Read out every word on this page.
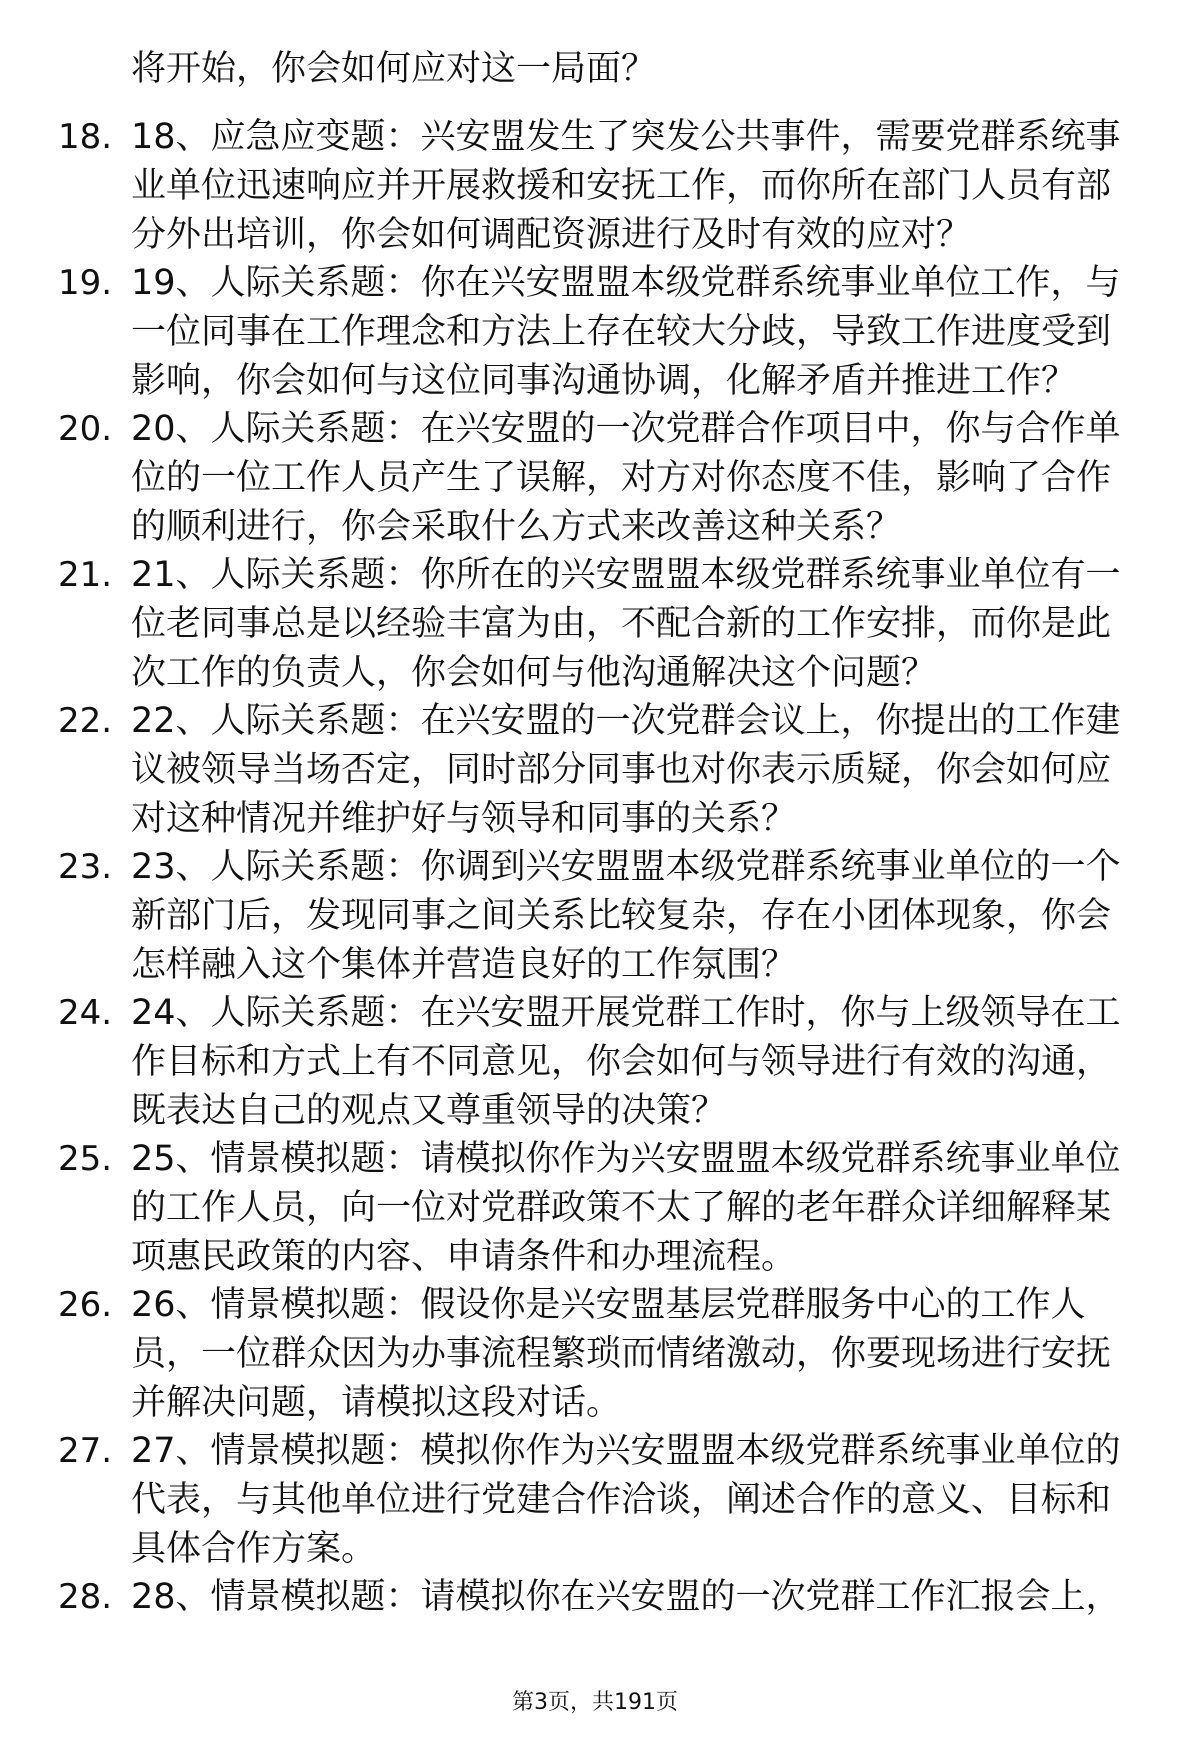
将开始，你会如何应对这一局面？
18. 18、应急应变题：兴安盟发生了突发公共事件，需要党群系统事
业单位迅速响应并开展救援和安抚工作，而你所在部门人员有部
分外出培训，你会如何调配资源进行及时有效的应对？
19. 19、人际关系题：你在兴安盟盟本级党群系统事业单位工作，与
一位同事在工作理念和方法上存在较大分歧，导致工作进度受到
影响，你会如何与这位同事沟通协调，化解矛盾并推进工作？
20. 20、人际关系题：在兴安盟的一次党群合作项目中，你与合作单
位的一位工作人员产生了误解，对方对你态度不佳，影响了合作
的顺利进行，你会采取什么方式来改善这种关系？
21. 21、人际关系题：你所在的兴安盟盟本级党群系统事业单位有一
位老同事总是以经验丰富为由，不配合新的工作安排，而你是此
次工作的负责人，你会如何与他沟通解决这个问题？
22. 22、人际关系题：在兴安盟的一次党群会议上，你提出的工作建
议被领导当场否定，同时部分同事也对你表示质疑，你会如何应
对这种情况并维护好与领导和同事的关系？
23. 23、人际关系题：你调到兴安盟盟本级党群系统事业单位的一个
新部门后，发现同事之间关系比较复杂，存在小团体现象，你会
怎样融入这个集体并营造良好的工作氛围？
24. 24、人际关系题：在兴安盟开展党群工作时，你与上级领导在工
作目标和方式上有不同意见，你会如何与领导进行有效的沟通，
既表达自己的观点又尊重领导的决策？
25. 25、情景模拟题：请模拟你作为兴安盟盟本级党群系统事业单位
的工作人员，向一位对党群政策不太了解的老年群众详细解释某
项惠民政策的内容、申请条件和办理流程。
26. 26、情景模拟题：假设你是兴安盟基层党群服务中心的工作人
员，一位群众因为办事流程繁琐而情绪激动，你要现场进行安抚
并解决问题，请模拟这段对话。
27. 27、情景模拟题：模拟你作为兴安盟盟本级党群系统事业单位的
代表，与其他单位进行党建合作洽谈，阐述合作的意义、目标和
具体合作方案。
28. 28、情景模拟题：请模拟你在兴安盟的一次党群工作汇报会上，
第3页，共191页
